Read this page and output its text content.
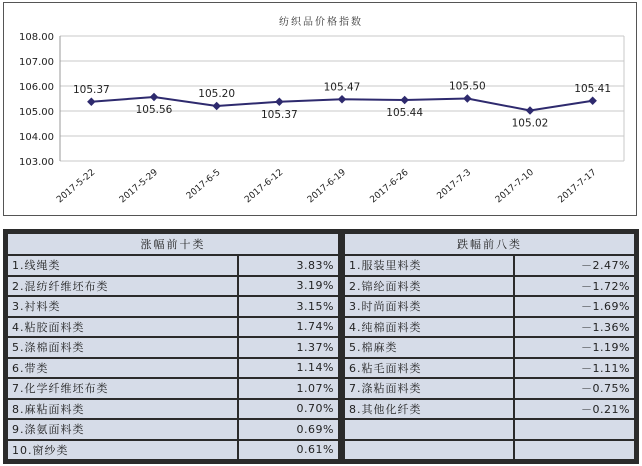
纺织品价格指数
108.00
107.00
106.00
105.00
104.00
103.00
2017-5-22 2017-5-29	2017-6-5 2017-6-12 2017-6-19 2017-6-26	2017-7-3 2017-7-10 2017-7-17
105.37
105.56
105.20
105.37
105.47
105.44
105.50
105.02
105.41
涨幅前十类	
1.线绳类	3.83%
2.混纺纤维坯布类	3.19%
3.衬料类	3.15%
4.粘胶面料类	1.74%
5.涤棉面料类	1.37%
6.带类	1.14%
7.化学纤维坯布类	1.07%
8.麻粘面料类	0.70%
9.涤氨面料类	0.69%
10.窗纱类	0.61%
跌幅前八类	
1.服装里料类	－2.47%
2.锦纶面料类	－1.72%
3.时尚面料类	－1.69%
4.纯棉面料类	－1.36%
5.棉麻类	－1.19%
6.粘毛面料类	－1.11%
7.涤粘面料类	－0.75%
8.其他化纤类	－0.21%
